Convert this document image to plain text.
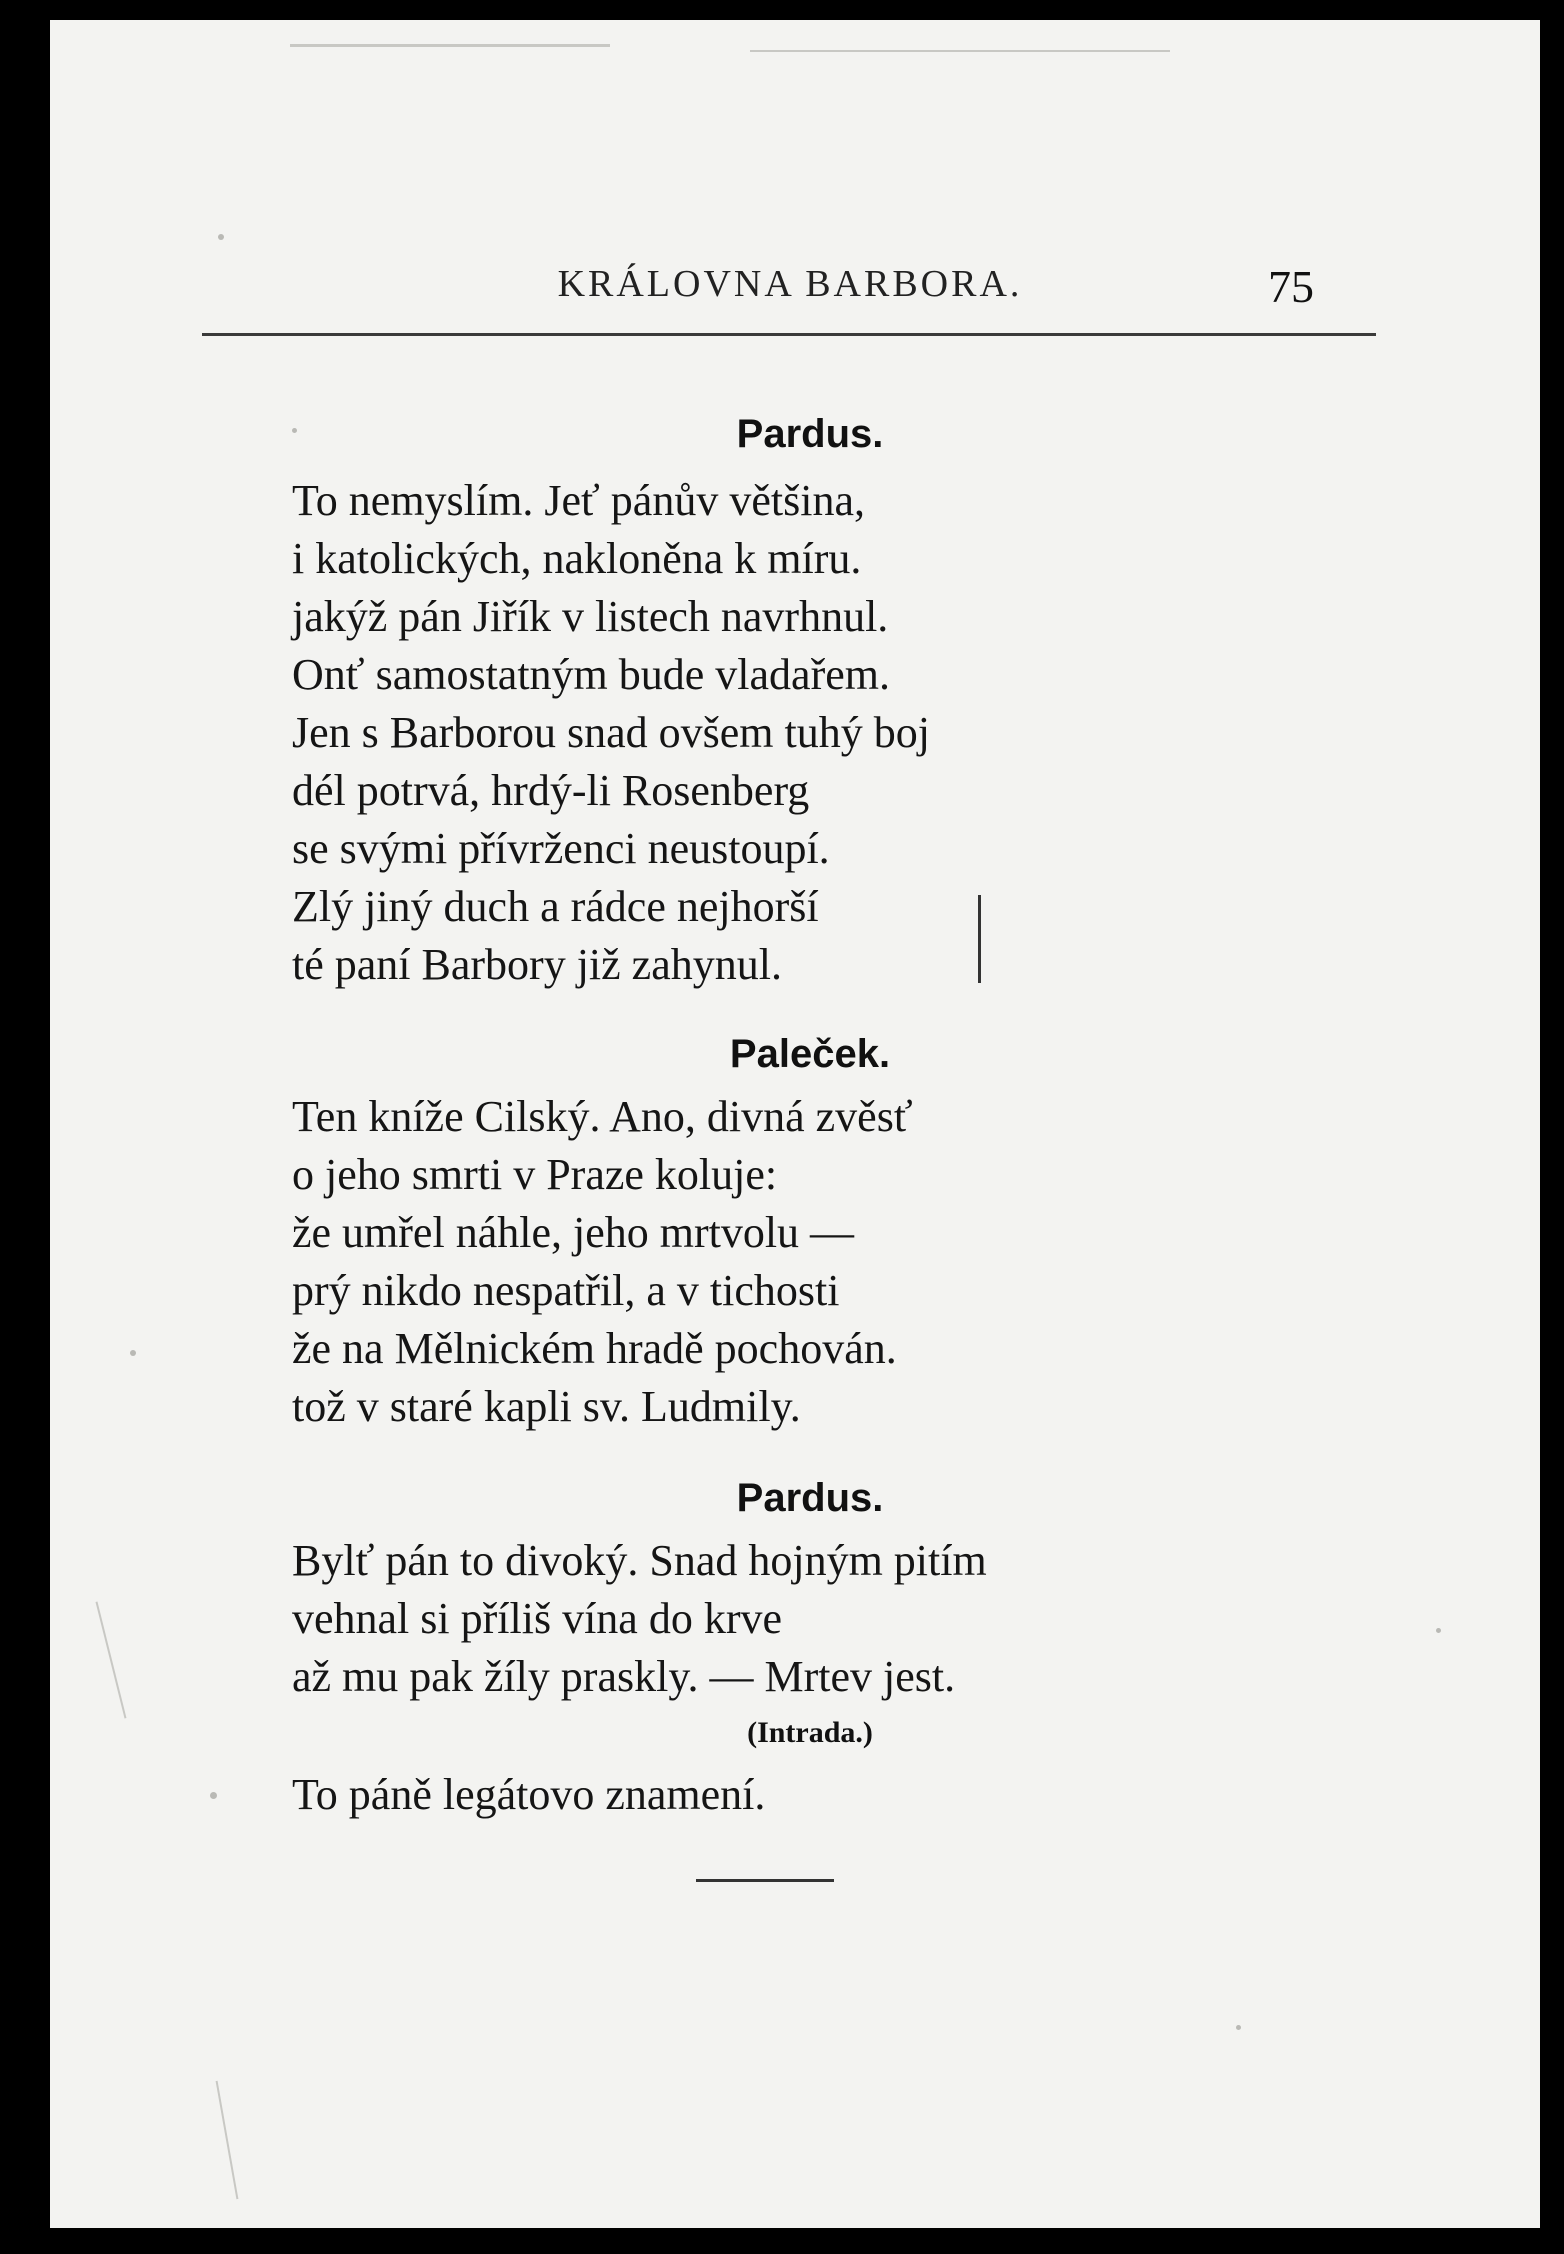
KRÁLOVNA BARBORA.	75
Pardus.
To nemyslím. Jeť pánův většina,
i katolických, nakloněna k míru.
jakýž pán Jiřík v listech navrhnul.
Onť samostatným bude vladařem.
Jen s Barborou snad ovšem tuhý boj
dél potrvá, hrdý-li Rosenberg
se svými přívrženci neustoupí.
Zlý jiný duch a rádce nejhorší
té paní Barbory již zahynul.
Paleček.
Ten kníže Cilský. Ano, divná zvěsť
o jeho smrti v Praze koluje:
že umřel náhle, jeho mrtvolu —
prý nikdo nespatřil, a v tichosti
že na Mělnickém hradě pochován.
tož v staré kapli sv. Ludmily.
Pardus.
Bylť pán to divoký. Snad hojným pitím
vehnal si příliš vína do krve
až mu pak žíly praskly. — Mrtev jest.
(Intrada.)
To páně legátovo znamení.
